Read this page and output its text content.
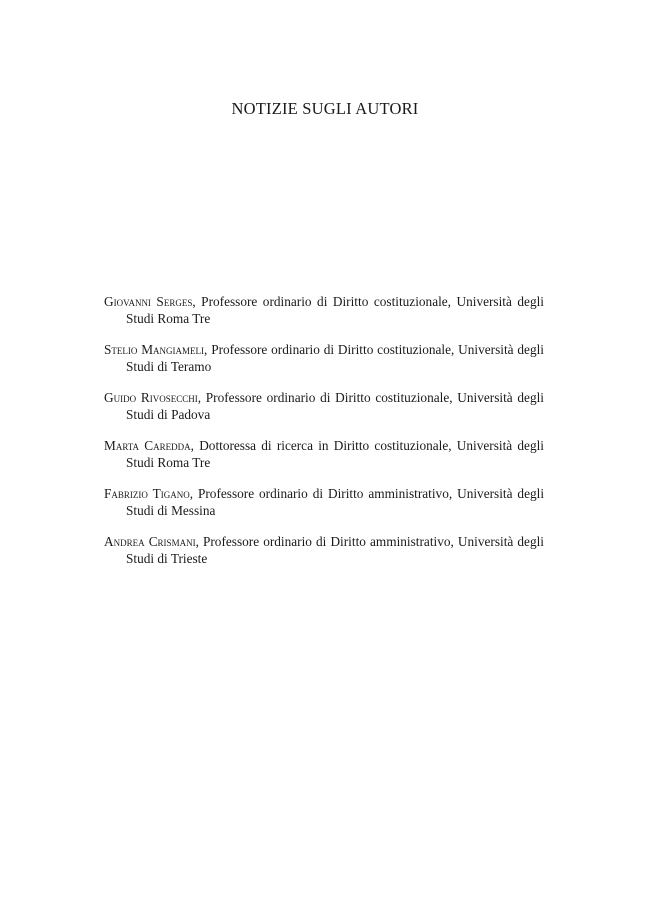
NOTIZIE SUGLI AUTORI
Giovanni Serges, Professore ordinario di Diritto costituzionale, Università degli Studi Roma Tre
Stelio Mangiameli, Professore ordinario di Diritto costituzionale, Università degli Studi di Teramo
Guido Rivosecchi, Professore ordinario di Diritto costituzionale, Università degli Studi di Padova
Marta Caredda, Dottoressa di ricerca in Diritto costituzionale, Università degli Studi Roma Tre
Fabrizio Tigano, Professore ordinario di Diritto amministrativo, Università degli Studi di Messina
Andrea Crismani, Professore ordinario di Diritto amministrativo, Università degli Studi di Trieste
